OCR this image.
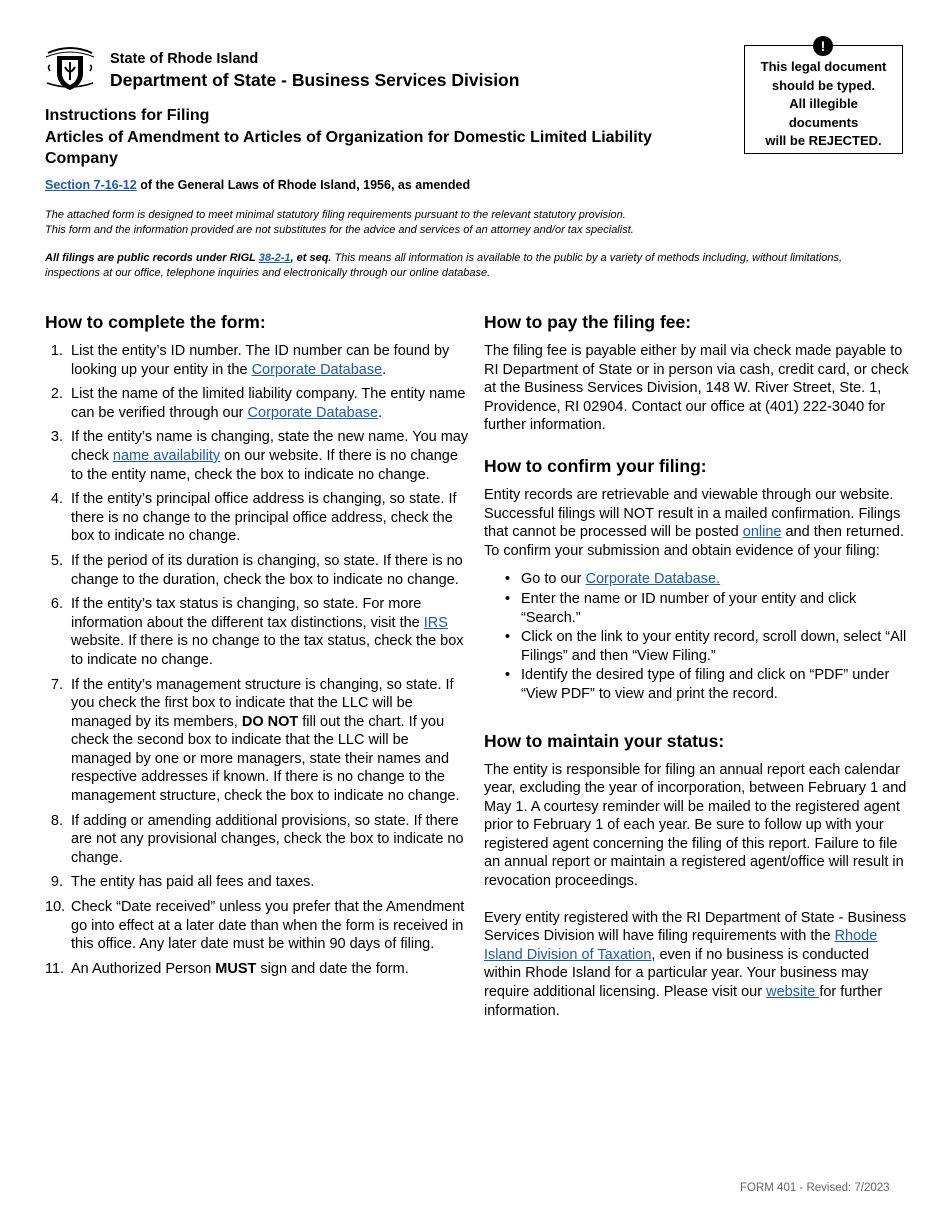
State of Rhode Island
Department of State - Business Services Division
!
This legal document
should be typed.
All illegible
documents
will be REJECTED.
Instructions for Filing
Articles of Amendment to Articles of Organization for Domestic Limited Liability Company
Section 7-16-12 of the General Laws of Rhode Island, 1956, as amended
The attached form is designed to meet minimal statutory filing requirements pursuant to the relevant statutory provision.
This form and the information provided are not substitutes for the advice and services of an attorney and/or tax specialist.
All filings are public records under RIGL 38-2-1, et seq. This means all information is available to the public by a variety of methods including, without limitations, inspections at our office, telephone inquiries and electronically through our online database.
How to complete the form:
1. List the entity’s ID number. The ID number can be found by looking up your entity in the Corporate Database.
2. List the name of the limited liability company. The entity name can be verified through our Corporate Database.
3. If the entity’s name is changing, state the new name. You may check name availability on our website. If there is no change to the entity name, check the box to indicate no change.
4. If the entity’s principal office address is changing, so state. If there is no change to the principal office address, check the box to indicate no change.
5. If the period of its duration is changing, so state. If there is no change to the duration, check the box to indicate no change.
6. If the entity’s tax status is changing, so state. For more information about the different tax distinctions, visit the IRS website. If there is no change to the tax status, check the box to indicate no change.
7. If the entity’s management structure is changing, so state. If you check the first box to indicate that the LLC will be managed by its members, DO NOT fill out the chart. If you check the second box to indicate that the LLC will be managed by one or more managers, state their names and respective addresses if known. If there is no change to the management structure, check the box to indicate no change.
8. If adding or amending additional provisions, so state. If there are not any provisional changes, check the box to indicate no change.
9. The entity has paid all fees and taxes.
10. Check “Date received” unless you prefer that the Amendment go into effect at a later date than when the form is received in this office. Any later date must be within 90 days of filing.
11. An Authorized Person MUST sign and date the form.
How to pay the filing fee:

The filing fee is payable either by mail via check made payable to RI Department of State or in person via cash, credit card, or check at the Business Services Division, 148 W. River Street, Ste. 1, Providence, RI 02904. Contact our office at (401) 222-3040 for further information.

How to confirm your filing:

Entity records are retrievable and viewable through our website. Successful filings will NOT result in a mailed confirmation. Filings that cannot be processed will be posted online and then returned. To confirm your submission and obtain evidence of your filing:

• Go to our Corporate Database.
• Enter the name or ID number of your entity and click “Search.”
• Click on the link to your entity record, scroll down, select “All Filings” and then “View Filing.”
• Identify the desired type of filing and click on “PDF” under “View PDF” to view and print the record.
How to maintain your status:

The entity is responsible for filing an annual report each calendar year, excluding the year of incorporation, between February 1 and May 1. A courtesy reminder will be mailed to the registered agent prior to February 1 of each year. Be sure to follow up with your registered agent concerning the filing of this report. Failure to file an annual report or maintain a registered agent/office will result in revocation proceedings.

Every entity registered with the RI Department of State - Business Services Division will have filing requirements with the Rhode Island Division of Taxation, even if no business is conducted within Rhode Island for a particular year. Your business may require additional licensing. Please visit our website for further information.

FORM 401 - Revised: 7/2023
